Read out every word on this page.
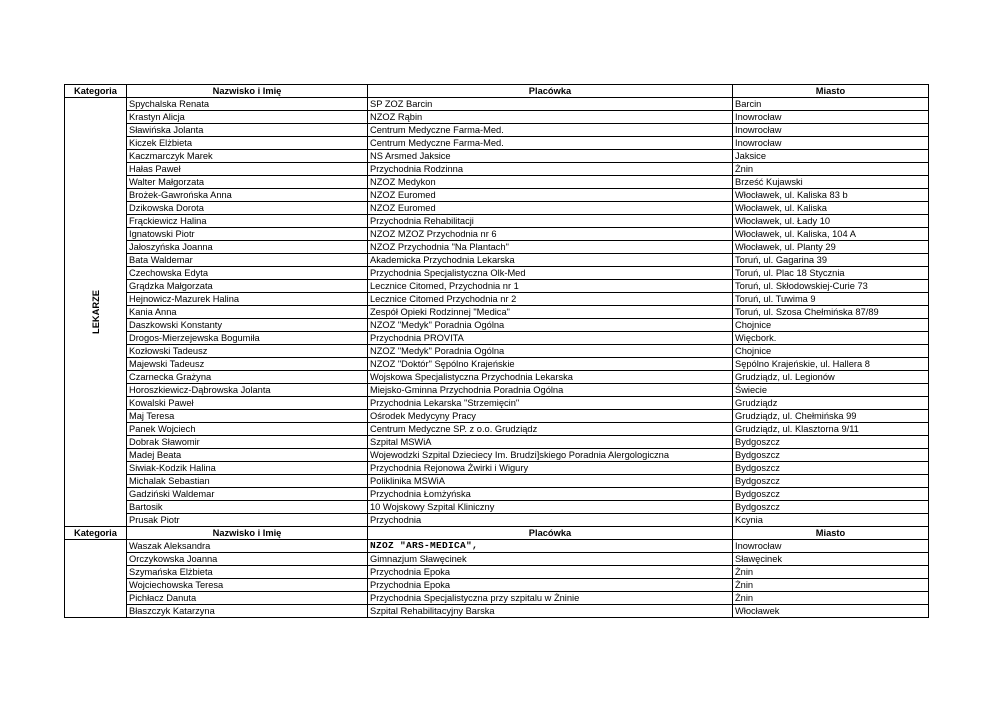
Kategoria	Nazwisko i Imię	Placówka	Miasto
LEKARZE	Spychalska Renata	SP ZOZ Barcin	Barcin
	Krastyn Alicja	NZOZ Rąbin	Inowrocław
	Sławińska Jolanta	Centrum Medyczne Farma-Med.	Inowrocław
	Kiczek Elżbieta	Centrum Medyczne Farma-Med.	Inowrocław
	Kaczmarczyk Marek	NS Arsmed Jaksice	Jaksice
	Hałas Paweł	Przychodnia Rodzinna	Żnin
	Walter Małgorzata	NZOZ Medykon	Brześć Kujawski
	Brożek-Gawrońska Anna	NZOZ Euromed	Włocławek, ul. Kaliska 83 b
	Dzikowska Dorota	NZOZ Euromed	Włocławek, ul. Kaliska
	Frąckiewicz Halina	Przychodnia Rehabilitacji	Włocławek, ul. Łady 10
	Ignatowski Piotr	NZOZ MZOZ Przychodnia nr 6	Włocławek, ul. Kaliska, 104 A
	Jałoszyńska Joanna	NZOZ Przychodnia "Na Plantach"	Włocławek, ul. Planty 29
	Bata Waldemar	Akademicka Przychodnia Lekarska	Toruń, ul. Gagarina 39
	Czechowska Edyta	Przychodnia Specjalistyczna Olk-Med	Toruń, ul. Plac 18 Stycznia
	Grądzka Małgorzata	Lecznice Citomed, Przychodnia nr 1	Toruń, ul. Skłodowskiej-Curie 73
	Hejnowicz-Mazurek Halina	Lecznice Citomed Przychodnia nr 2	Toruń, ul. Tuwima 9
	Kania Anna	Zespół Opieki Rodzinnej "Medica"	Toruń, ul. Szosa Chełmińska 87/89
	Daszkowski Konstanty	NZOZ "Medyk" Poradnia Ogólna	Chojnice
	Drogos-Mierzejewska Bogumiła	Przychodnia PROVITA	Więcbork.
	Kozłowski Tadeusz	NZOZ "Medyk" Poradnia Ogólna	Chojnice
	Majewski Tadeusz	NZOZ "Doktór" Sępólno Krajeńskie	Sępólno Krajeńskie, ul. Hallera 8
	Czarnecka Grażyna	Wojskowa Specjalistyczna Przychodnia Lekarska	Grudziądz, ul. Legionów
	Horoszkiewicz-Dąbrowska Jolanta	Miejsko-Gminna Przychodnia Poradnia Ogólna	Świecie
	Kowalski Paweł	Przychodnia Lekarska "Strzemięcin"	Grudziądz
	Maj Teresa	Ośrodek Medycyny Pracy	Grudziądz, ul. Chełmińska 99
	Panek Wojciech	Centrum Medyczne SP. z o.o. Grudziądz	Grudziądz, ul. Klasztorna 9/11
	Dobrak Sławomir	Szpital MSWiA	Bydgoszcz
	Madej Beata	Wojewodzki Szpital Dzieciecy Im. Brudzi]skiego Poradnia Alergologiczna	Bydgoszcz
	Siwiak-Kodzik Halina	Przychodnia Rejonowa Żwirki i Wigury	Bydgoszcz
	Michalak Sebastian	Poliklinika MSWiA	Bydgoszcz
	Gadziński Waldemar	Przychodnia Łomżyńska	Bydgoszcz
	Bartosik	10 Wojskowy Szpital Kliniczny	Bydgoszcz
	Prusak Piotr	Przychodnia	Kcynia
Kategoria	Nazwisko i Imię	Placówka	Miasto
	Waszak Aleksandra	NZOZ "ARS-MEDICA",	Inowrocław
	Orczykowska Joanna	Gimnazjum Sławęcinek	Sławęcinek
	Szymańska Elżbieta	Przychodnia Epoka	Żnin
	Wojciechowska Teresa	Przychodnia Epoka	Żnin
	Pichłacz Danuta	Przychodnia Specjalistyczna przy szpitalu w Żninie	Żnin
	Błaszczyk Katarzyna	Szpital Rehabilitacyjny Barska	Włocławek
